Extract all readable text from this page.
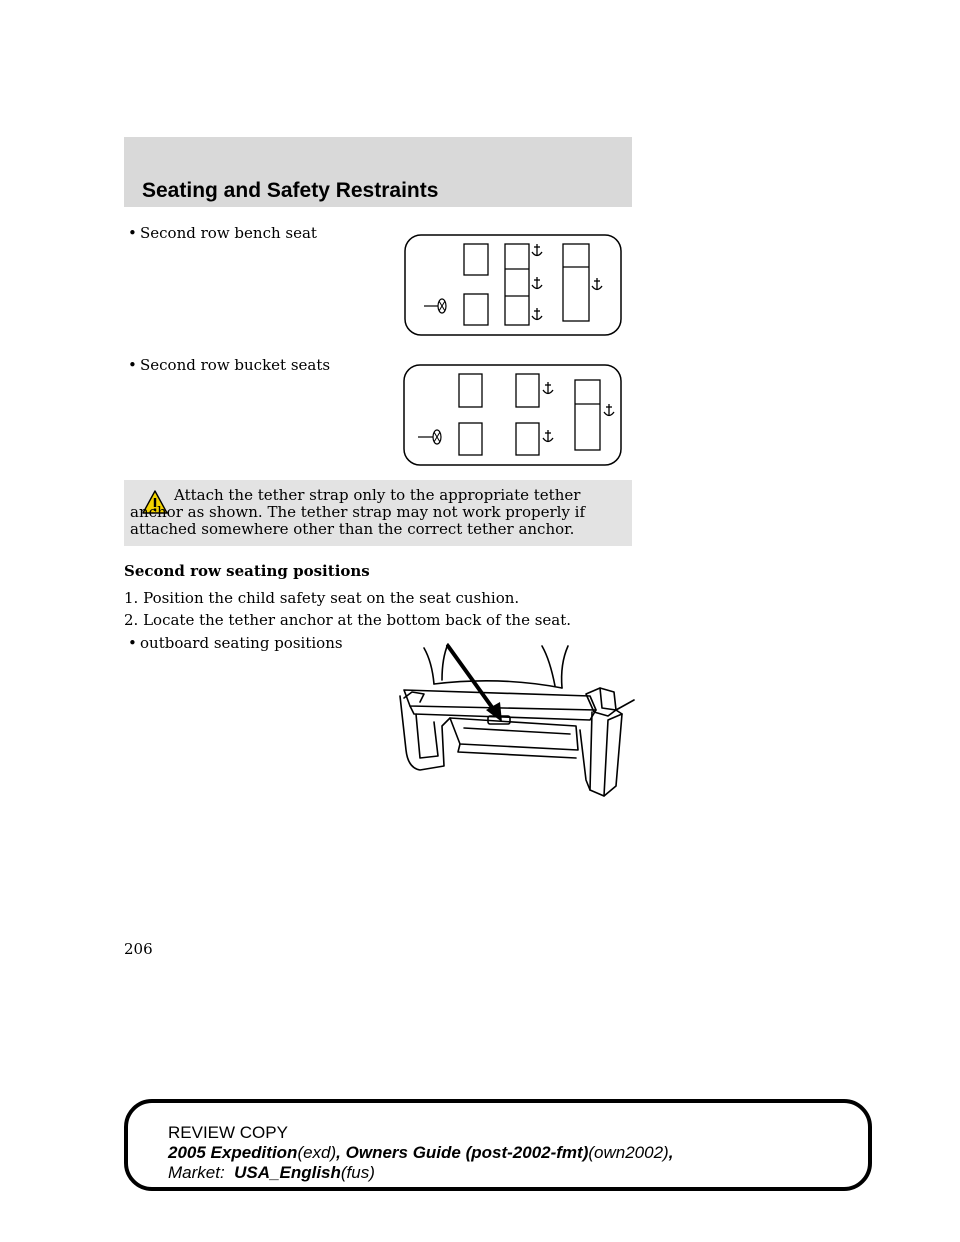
Seating and Safety Restraints
• Second row bench seat
• Second row bucket seats
Attach the tether strap only to the appropriate tether anchor as shown. The tether strap may not work properly if attached somewhere other than the correct tether anchor.
Second row seating positions
1. Position the child safety seat on the seat cushion.
2. Locate the tether anchor at the bottom back of the seat.
• outboard seating positions
206
REVIEW COPY
2005 Expedition(exd), Owners Guide (post-2002-fmt)(own2002),
Market: USA_English(fus)
